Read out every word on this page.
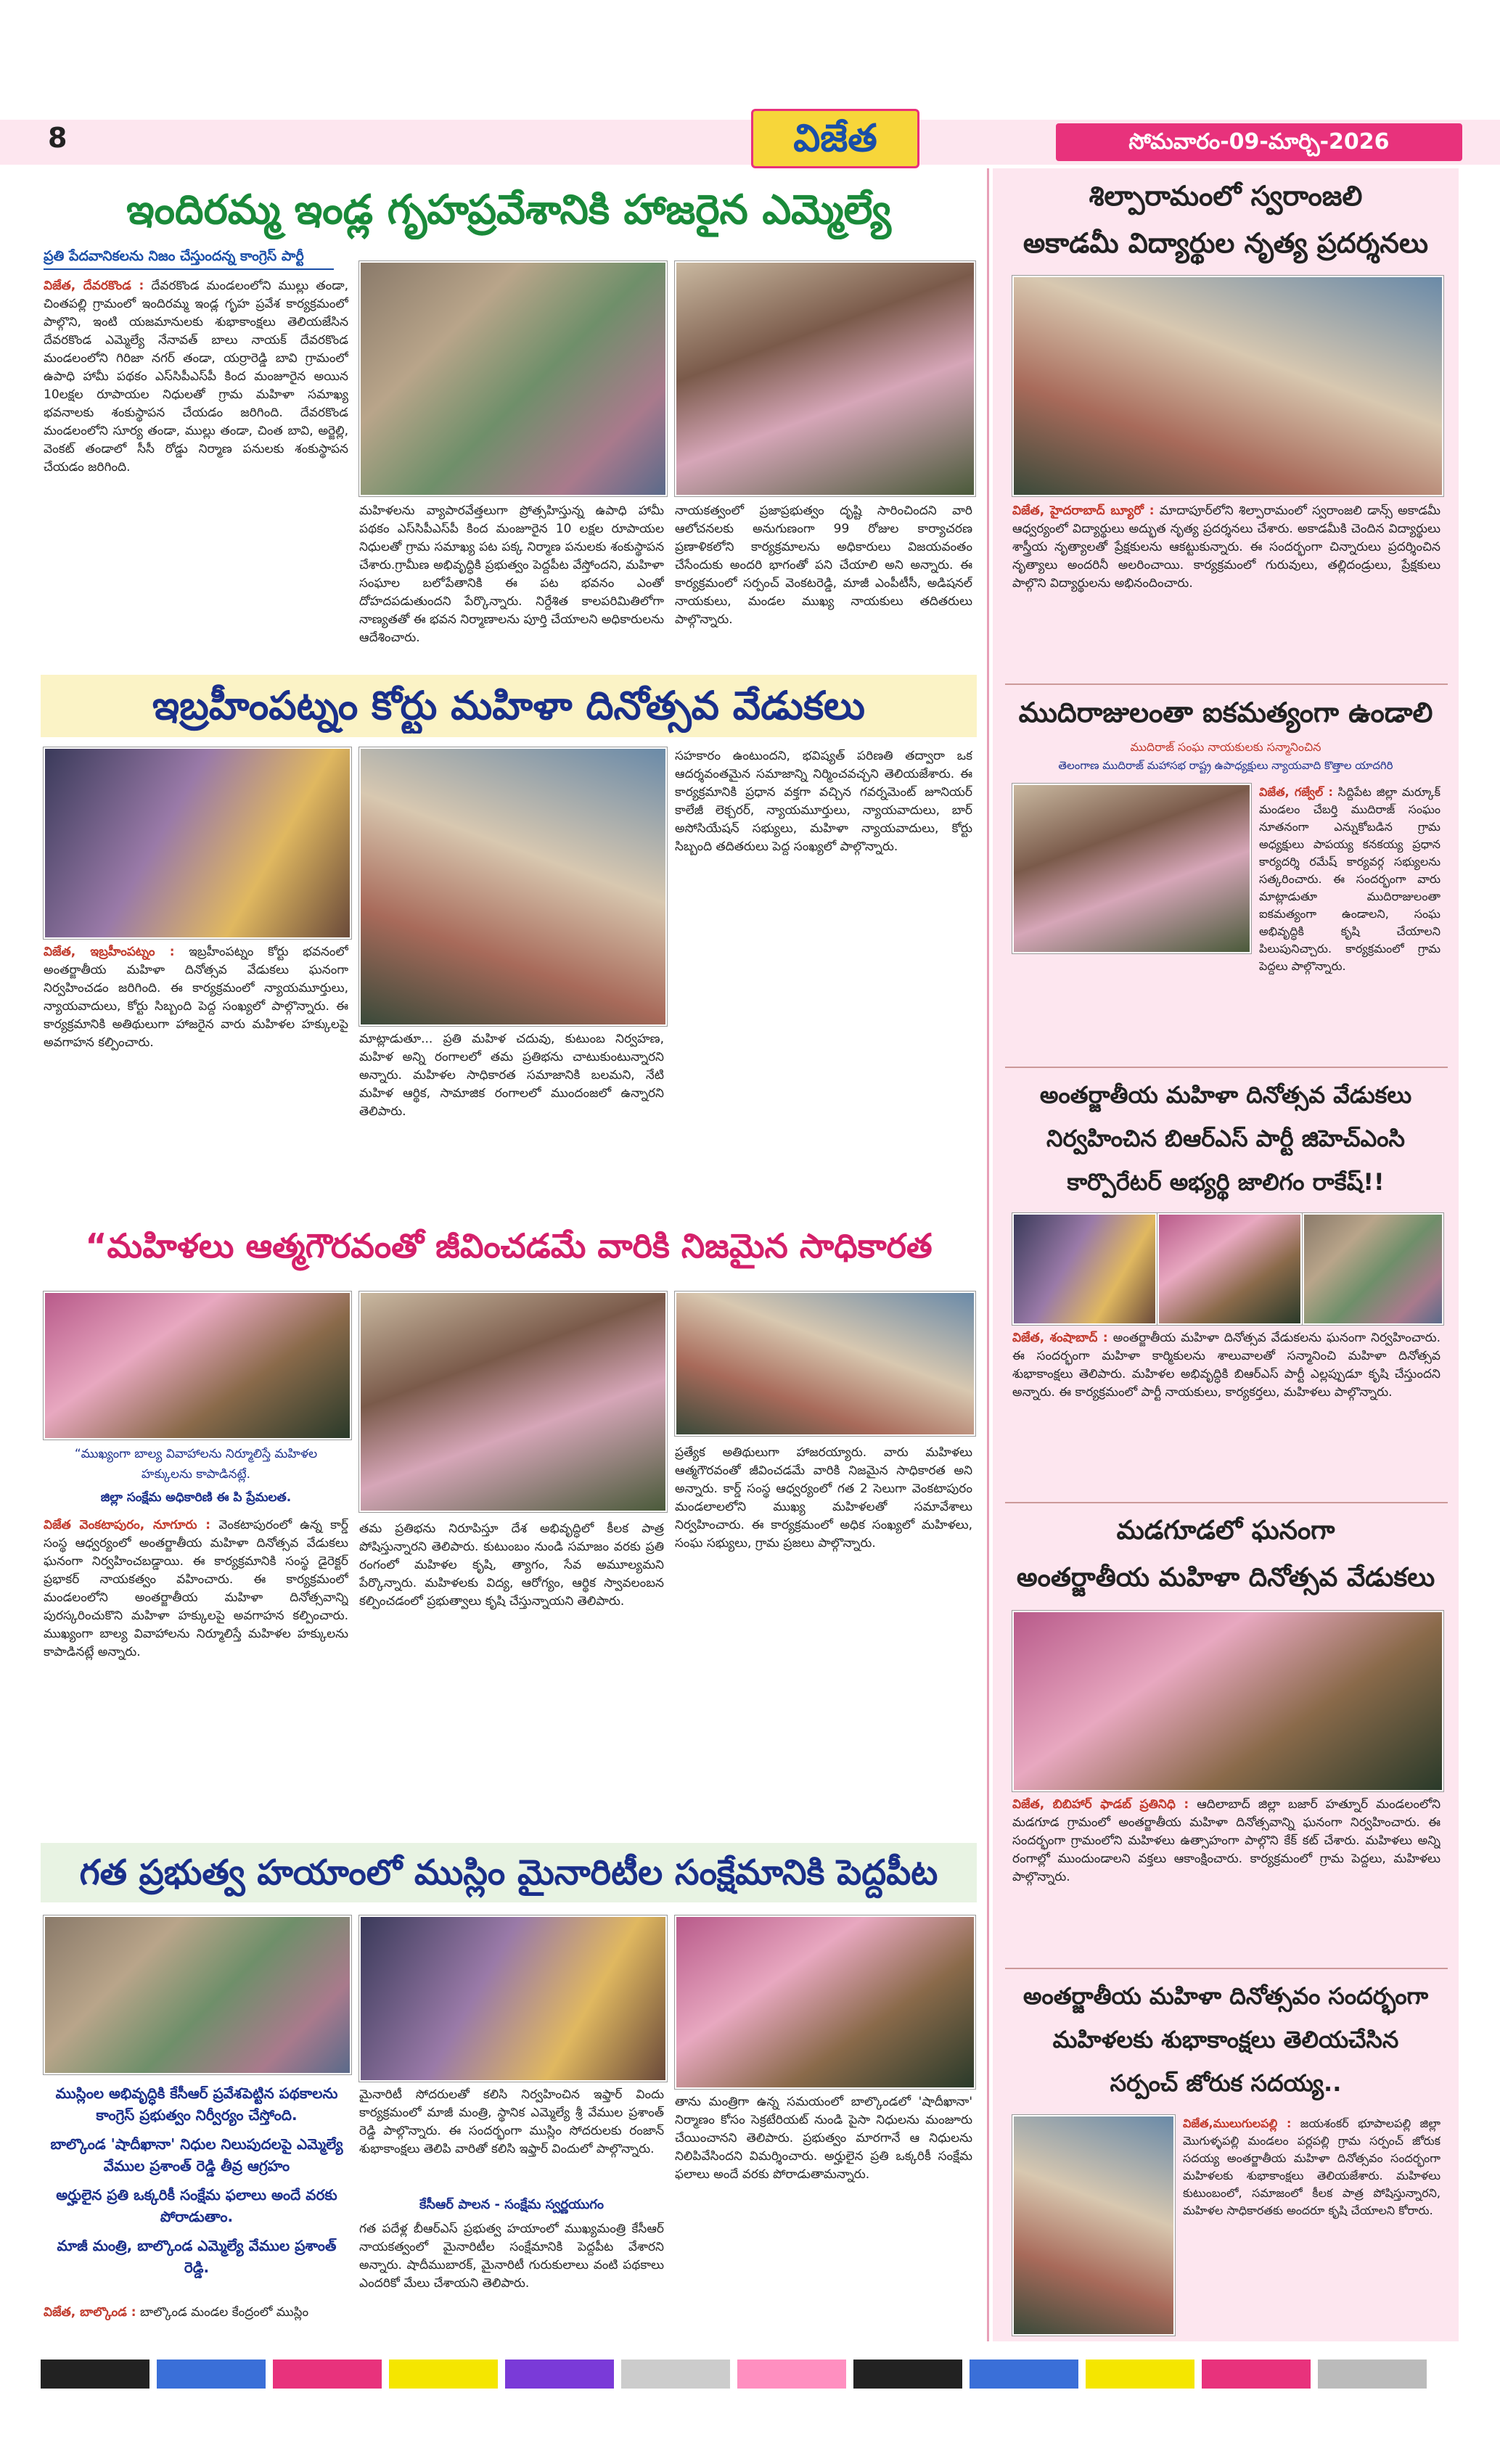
8	విజేత	సోమవారం-09-మార్చి-2026
ఇందిరమ్మ ఇండ్ల గృహప్రవేశానికి హాజరైన ఎమ్మెల్యే
ప్రతి పేదవానికలను నిజం చేస్తుందన్న కాంగ్రెస్ పార్టీ
విజేత, దేవరకొండ : దేవరకొండ మండలంలోని ముల్లు తండా, చింతపల్లి గ్రామంలో ఇందిరమ్మ ఇండ్ల గృహ ప్రవేశ కార్యక్రమంలో పాల్గొని, ఇంటి యజమానులకు శుభాకాంక్షలు తెలియజేసిన దేవరకొండ ఎమ్మెల్యే నేనావత్ బాలు నాయక్ దేవరకొండ మండలంలోని గిరిజా నగర్ తండా, యర్రారెడ్డి బావి గ్రామంలో ఉపాధి హామీ పథకం ఎస్‌సిపీఎస్‌పీ కింద మంజూరైన అయిన 10లక్షల రూపాయల నిధులతో గ్రామ మహిళా సమాఖ్య భవనాలకు శంకుస్థాపన చేయడం జరిగింది. దేవరకొండ మండలంలోని సూర్య తండా, ముల్లు తండా, చింత బావి, అర్జెల్లి, వెంకట్ తండాలో సీసీ రోడ్డు నిర్మాణ పనులకు శంకుస్థాపన చేయడం జరిగింది.
మహిళలను వ్యాపారవేత్తలుగా ప్రోత్సహిస్తున్న ఉపాధి హామీ పథకం ఎస్‌సిపీఎస్‌పీ కింద మంజూరైన 10 లక్షల రూపాయల నిధులతో గ్రామ సమాఖ్య పట పక్క నిర్మాణ పనులకు శంకుస్థాపన చేశారు.గ్రామీణ అభివృద్ధికి ప్రభుత్వం పెద్దపీట వేస్తోందని, మహిళా సంఘాల బలోపేతానికి ఈ పట భవనం ఎంతో దోహదపడుతుందని పేర్కొన్నారు. నిర్దేశిత కాలపరిమితిలోగా నాణ్యతతో ఈ భవన నిర్మాణాలను పూర్తి చేయాలని అధికారులను ఆదేశించారు.
నాయకత్వంలో ప్రజాప్రభుత్వం దృష్టి సారించిందని వారి ఆలోచనలకు అనుగుణంగా 99 రోజుల కార్యాచరణ ప్రణాళికలోని కార్యక్రమాలను అధికారులు విజయవంతం చేసేందుకు అందరి భాగంతో పని చేయాలి అని అన్నారు. ఈ కార్యక్రమంలో సర్పంచ్ వెంకటరెడ్డి, మాజీ ఎంపీటీసీ, అడిషనల్ నాయకులు, మండల ముఖ్య నాయకులు తదితరులు పాల్గొన్నారు.
ఇబ్రహీంపట్నం కోర్టు మహిళా దినోత్సవ వేడుకలు
విజేత, ఇబ్రహీంపట్నం : ఇబ్రహీంపట్నం కోర్టు భవనంలో అంతర్జాతీయ మహిళా దినోత్సవ వేడుకలు ఘనంగా నిర్వహించడం జరిగింది. ఈ కార్యక్రమంలో న్యాయమూర్తులు, న్యాయవాదులు, కోర్టు సిబ్బంది పెద్ద సంఖ్యలో పాల్గొన్నారు. ఈ కార్యక్రమానికి అతిథులుగా హాజరైన వారు మహిళల హక్కులపై అవగాహన కల్పించారు.	మాట్లాడుతూ... ప్రతి మహిళ చదువు, కుటుంబ నిర్వహణ, మహిళ అన్ని రంగాలలో తమ ప్రతిభను చాటుకుంటున్నారని అన్నారు. మహిళల సాధికారత సమాజానికి బలమని, నేటి మహిళ ఆర్థిక, సామాజిక రంగాలలో ముందంజలో ఉన్నారని తెలిపారు.
సహకారం ఉంటుందని, భవిష్యత్ పరిణతి తద్వారా ఒక ఆదర్శవంతమైన సమాజాన్ని నిర్మించవచ్చని తెలియజేశారు. ఈ కార్యక్రమానికి ప్రధాన వక్తగా వచ్చిన గవర్నమెంట్ జూనియర్ కాలేజీ లెక్చరర్, న్యాయమూర్తులు, న్యాయవాదులు, బార్ అసోసియేషన్ సభ్యులు, మహిళా న్యాయవాదులు, కోర్టు సిబ్బంది తదితరులు పెద్ద సంఖ్యలో పాల్గొన్నారు.
“మహిళలు ఆత్మగౌరవంతో జీవించడమే వారికి నిజమైన సాధికారత
“ముఖ్యంగా బాల్య వివాహాలను నిర్మూలిస్తే మహిళల హక్కులను కాపాడినట్లే.
జిల్లా సంక్షేమ అధికారిణి ఈ పి ప్రేమలత.
విజేత వెంకటాపురం, నూగూరు : వెంకటాపురంలో ఉన్న కార్డ్ సంస్థ ఆధ్వర్యంలో అంతర్జాతీయ మహిళా దినోత్సవ వేడుకలు ఘనంగా నిర్వహించబడ్డాయి. ఈ కార్యక్రమానికి సంస్థ డైరెక్టర్ ప్రభాకర్ నాయకత్వం వహించారు. ఈ కార్యక్రమంలో మండలంలోని అంతర్జాతీయ మహిళా దినోత్సవాన్ని పురస్కరించుకొని మహిళా హక్కులపై అవగాహన కల్పించారు. ముఖ్యంగా బాల్య వివాహాలను నిర్మూలిస్తే మహిళల హక్కులను కాపాడినట్లే అన్నారు.
తమ ప్రతిభను నిరూపిస్తూ దేశ అభివృద్ధిలో కీలక పాత్ర పోషిస్తున్నారని తెలిపారు. కుటుంబం నుండి సమాజం వరకు ప్రతి రంగంలో మహిళల కృషి, త్యాగం, సేవ అమూల్యమని పేర్కొన్నారు. మహిళలకు విద్య, ఆరోగ్యం, ఆర్థిక స్వావలంబన కల్పించడంలో ప్రభుత్వాలు కృషి చేస్తున్నాయని తెలిపారు.
ప్రత్యేక అతిథులుగా హాజరయ్యారు. వారు మహిళలు ఆత్మగౌరవంతో జీవించడమే వారికి నిజమైన సాధికారత అని అన్నారు. కార్డ్ సంస్థ ఆధ్వర్యంలో గత 2 సెలుగా వెంకటాపురం మండలాలలోని ముఖ్య మహిళలతో సమావేశాలు నిర్వహించారు. ఈ కార్యక్రమంలో అధిక సంఖ్యలో మహిళలు, సంఘ సభ్యులు, గ్రామ ప్రజలు పాల్గొన్నారు.
గత ప్రభుత్వ హయాంలో ముస్లిం మైనారిటీల సంక్షేమానికి పెద్దపీట
ముస్లింల అభివృద్ధికి కేసీఆర్ ప్రవేశపెట్టిన పథకాలను కాంగ్రెస్ ప్రభుత్వం నిర్వీర్యం చేస్తోంది.
బాల్కొండ 'షాదీఖానా' నిధుల నిలుపుదలపై ఎమ్మెల్యే వేముల ప్రశాంత్ రెడ్డి తీవ్ర ఆగ్రహం
అర్హులైన ప్రతి ఒక్కరికీ సంక్షేమ ఫలాలు అందే వరకు పోరాడుతాం.
మాజీ మంత్రి, బాల్కొండ ఎమ్మెల్యే వేముల ప్రశాంత్ రెడ్డి.
విజేత, బాల్కొండ : బాల్కొండ మండల కేంద్రంలో ముస్లిం
మైనారిటీ సోదరులతో కలిసి నిర్వహించిన ఇఫ్తార్ విందు కార్యక్రమంలో మాజీ మంత్రి, స్థానిక ఎమ్మెల్యే శ్రీ వేముల ప్రశాంత్ రెడ్డి పాల్గొన్నారు. ఈ సందర్భంగా ముస్లిం సోదరులకు రంజాన్ శుభాకాంక్షలు తెలిపి వారితో కలిసి ఇఫ్తార్ విందులో పాల్గొన్నారు.
కేసీఆర్ పాలన - సంక్షేమ స్వర్ణయుగం
గత పదేళ్ల బీఆర్ఎస్ ప్రభుత్వ హయాంలో ముఖ్యమంత్రి కేసీఆర్ నాయకత్వంలో మైనారిటీల సంక్షేమానికి పెద్దపీట వేశారని అన్నారు. షాదీముబారక్, మైనారిటీ గురుకులాలు వంటి పథకాలు ఎందరికో మేలు చేశాయని తెలిపారు.
తాను మంత్రిగా ఉన్న సమయంలో బాల్కొండలో 'షాదీఖానా' నిర్మాణం కోసం సెక్రటేరియట్ నుండి పైసా నిధులను మంజూరు చేయించానని తెలిపారు. ప్రభుత్వం మారగానే ఆ నిధులను నిలిపివేసిందని విమర్శించారు. అర్హులైన ప్రతి ఒక్కరికీ సంక్షేమ ఫలాలు అందే వరకు పోరాడుతామన్నారు.
శిల్పారామంలో స్వరాంజలి
అకాడమీ విద్యార్థుల నృత్య ప్రదర్శనలు
విజేత, హైదరాబాద్ బ్యూరో : మాదాపూర్‌లోని శిల్పారామంలో స్వరాంజలి డాన్స్ అకాడమీ ఆధ్వర్యంలో విద్యార్థులు అద్భుత నృత్య ప్రదర్శనలు చేశారు. అకాడమీకి చెందిన విద్యార్థులు శాస్త్రీయ నృత్యాలతో ప్రేక్షకులను ఆకట్టుకున్నారు. ఈ సందర్భంగా చిన్నారులు ప్రదర్శించిన నృత్యాలు అందరినీ అలరించాయి. కార్యక్రమంలో గురువులు, తల్లిదండ్రులు, ప్రేక్షకులు పాల్గొని విద్యార్థులను అభినందించారు.
ముదిరాజులంతా ఐకమత్యంగా ఉండాలి
ముదిరాజ్ సంఘ నాయకులకు సన్మానించిన
తెలంగాణ ముదిరాజ్ మహాసభ రాష్ట్ర ఉపాధ్యక్షులు న్యాయవాది కొత్తాల యాదగిరి
విజేత, గజ్వేల్ : సిద్దిపేట జిల్లా మర్కూక్ మండలం చేబర్తి ముదిరాజ్ సంఘం నూతనంగా ఎన్నుకోబడిన గ్రామ అధ్యక్షులు పాపయ్య కనకయ్య ప్రధాన కార్యదర్శి రమేష్ కార్యవర్గ సభ్యులను సత్కరించారు. ఈ సందర్భంగా వారు మాట్లాడుతూ ముదిరాజులంతా ఐకమత్యంగా ఉండాలని, సంఘ అభివృద్ధికి కృషి చేయాలని పిలుపునిచ్చారు. కార్యక్రమంలో గ్రామ పెద్దలు పాల్గొన్నారు.
అంతర్జాతీయ మహిళా దినోత్సవ వేడుకలు
నిర్వహించిన బిఆర్ఎస్ పార్టీ జిహెచ్ఎంసి
కార్పొరేటర్ అభ్యర్థి జాలిగం రాకేష్!!
విజేత, శంషాబాద్ : అంతర్జాతీయ మహిళా దినోత్సవ వేడుకలను ఘనంగా నిర్వహించారు. ఈ సందర్భంగా మహిళా కార్మికులను శాలువాలతో సన్మానించి మహిళా దినోత్సవ శుభాకాంక్షలు తెలిపారు. మహిళల అభివృద్ధికి బిఆర్ఎస్ పార్టీ ఎల్లప్పుడూ కృషి చేస్తుందని అన్నారు. ఈ కార్యక్రమంలో పార్టీ నాయకులు, కార్యకర్తలు, మహిళలు పాల్గొన్నారు.
మడగూడలో ఘనంగా
అంతర్జాతీయ మహిళా దినోత్సవ వేడుకలు
విజేత, బిబిహార్ ఫాడబ్ ప్రతినిధి : ఆదిలాబాద్ జిల్లా బజార్ హత్నూర్ మండలంలోని మడగూడ గ్రామంలో అంతర్జాతీయ మహిళా దినోత్సవాన్ని ఘనంగా నిర్వహించారు. ఈ సందర్భంగా గ్రామంలోని మహిళలు ఉత్సాహంగా పాల్గొని కేక్ కట్ చేశారు. మహిళలు అన్ని రంగాల్లో ముందుండాలని వక్తలు ఆకాంక్షించారు. కార్యక్రమంలో గ్రామ పెద్దలు, మహిళలు పాల్గొన్నారు.
అంతర్జాతీయ మహిళా దినోత్సవం సందర్భంగా
మహిళలకు శుభాకాంక్షలు తెలియచేసిన
సర్పంచ్ జోరుక సదయ్య..
విజేత,ములుగులపల్లి : జయశంకర్ భూపాలపల్లి జిల్లా మొగుళ్ళపల్లి మండలం పర్లపల్లి గ్రామ సర్పంచ్ జోరుక సదయ్య అంతర్జాతీయ మహిళా దినోత్సవం సందర్భంగా మహిళలకు శుభాకాంక్షలు తెలియజేశారు. మహిళలు కుటుంబంలో, సమాజంలో కీలక పాత్ర పోషిస్తున్నారని, మహిళల సాధికారతకు అందరూ కృషి చేయాలని కోరారు.
